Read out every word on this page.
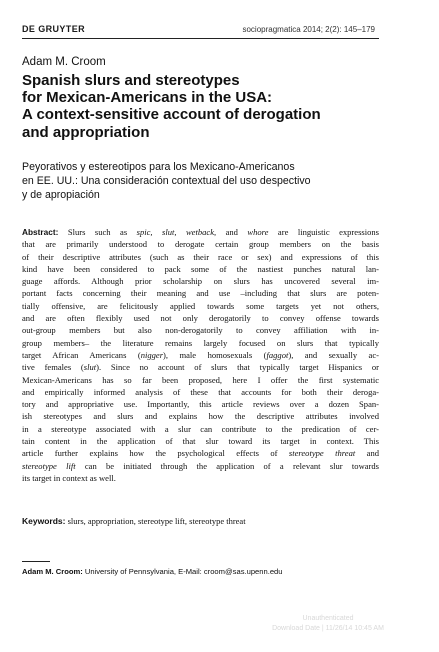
DE GRUYTER	sociopragmatica 2014; 2(2): 145–179
Adam M. Croom
Spanish slurs and stereotypes
for Mexican-Americans in the USA:
A context-sensitive account of derogation
and appropriation
Peyorativos y estereotipos para los Mexicano-Americanos
en EE. UU.: Una consideración contextual del uso despectivo
y de apropiación
Abstract: Slurs such as spic, slut, wetback, and whore are linguistic expressions
that are primarily understood to derogate certain group members on the basis
of their descriptive attributes (such as their race or sex) and expressions of this
kind have been considered to pack some of the nastiest punches natural lan-
guage affords. Although prior scholarship on slurs has uncovered several im-
portant facts concerning their meaning and use –including that slurs are poten-
tially offensive, are felicitously applied towards some targets yet not others,
and are often flexibly used not only derogatorily to convey offense towards
out-group members but also non-derogatorily to convey affiliation with in-
group members– the literature remains largely focused on slurs that typically
target African Americans (nigger), male homosexuals (faggot), and sexually ac-
tive females (slut). Since no account of slurs that typically target Hispanics or
Mexican-Americans has so far been proposed, here I offer the first systematic
and empirically informed analysis of these that accounts for both their deroga-
tory and appropriative use. Importantly, this article reviews over a dozen Span-
ish stereotypes and slurs and explains how the descriptive attributes involved
in a stereotype associated with a slur can contribute to the predication of cer-
tain content in the application of that slur toward its target in context. This
article further explains how the psychological effects of stereotype threat and
stereotype lift can be initiated through the application of a relevant slur towards
its target in context as well.
Keywords: slurs, appropriation, stereotype lift, stereotype threat
Adam M. Croom: University of Pennsylvania, E-Mail: croom@sas.upenn.edu
Unauthenticated
Download Date | 11/26/14 10:45 AM
